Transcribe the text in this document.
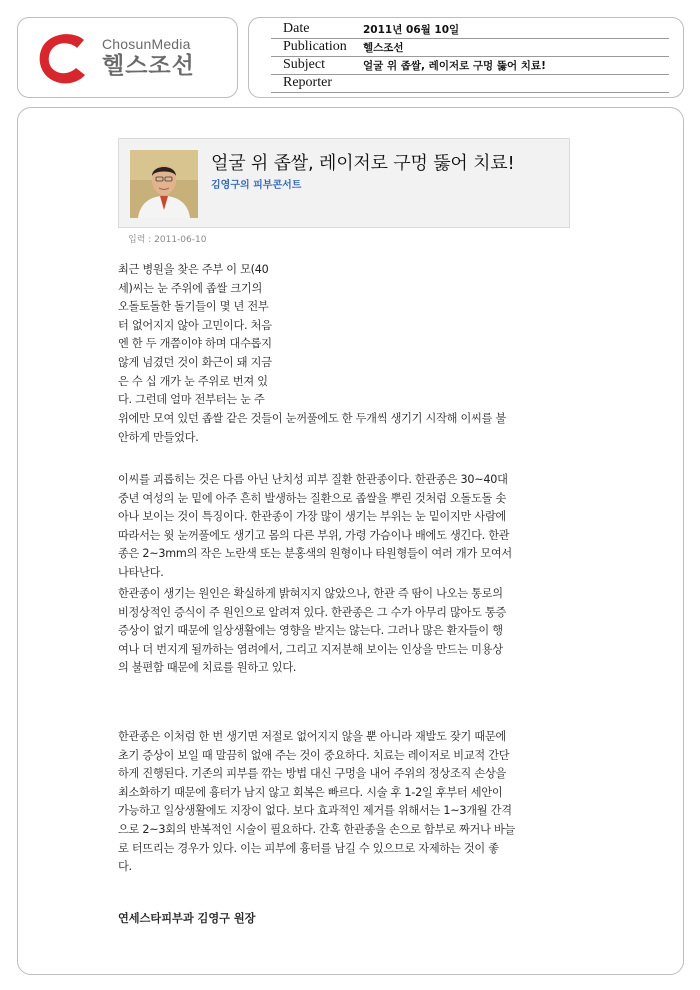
ChosunMedia
헬스조선
Date	2011년 06월 10일
Publication 헬스조선
Subject	얼굴 위 좁쌀, 레이저로 구멍 뚫어 치료!
Reporter
얼굴 위 좁쌀, 레이저로 구멍 뚫어 치료!
김영구의 피부콘서트
입력 : 2011-06-10
최근 병원을 찾은 주부 이 모(40
세)씨는 눈 주위에 좁쌀 크기의
오돌토돌한 돌기들이 몇 년 전부
터 없어지지 않아 고민이다. 처음
엔 한 두 개쯤이야 하며 대수롭지
않게 넘겼던 것이 화근이 돼 지금
은 수 십 개가 눈 주위로 번져 있
다. 그런데 얼마 전부터는 눈 주
위에만 모여 있던 좁쌀 같은 것들이 눈꺼풀에도 한 두개씩 생기기 시작해 이씨를 불
안하게 만들었다.
이씨를 괴롭히는 것은 다름 아닌 난치성 피부 질환 한관종이다. 한관종은 30~40대
중년 여성의 눈 밑에 아주 흔히 발생하는 질환으로 좁쌀을 뿌린 것처럼 오돌도돌 솟
아나 보이는 것이 특징이다. 한관종이 가장 많이 생기는 부위는 눈 밑이지만 사람에
따라서는 윗 눈꺼풀에도 생기고 몸의 다른 부위, 가령 가슴이나 배에도 생긴다. 한관
종은 2~3mm의 작은 노란색 또는 분홍색의 원형이나 타원형들이 여러 개가 모여서
나타난다.
한관종이 생기는 원인은 확실하게 밝혀지지 않았으나, 한관 즉 땀이 나오는 통로의
비정상적인 증식이 주 원인으로 알려져 있다. 한관종은 그 수가 아무리 많아도 통증
증상이 없기 때문에 일상생활에는 영향을 받지는 않는다. 그러나 많은 환자들이 행
여나 더 번지게 될까하는 염려에서, 그리고 지저분해 보이는 인상을 만드는 미용상
의 불편함 때문에 치료를 원하고 있다.
한관종은 이처럼 한 번 생기면 저절로 없어지지 않을 뿐 아니라 재발도 잦기 때문에
초기 증상이 보일 때 말끔히 없애 주는 것이 중요하다. 치료는 레이저로 비교적 간단
하게 진행된다. 기존의 피부를 깎는 방법 대신 구멍을 내어 주위의 정상조직 손상을
최소화하기 때문에 흉터가 남지 않고 회복은 빠르다. 시술 후 1-2일 후부터 세안이
가능하고 일상생활에도 지장이 없다. 보다 효과적인 제거를 위해서는 1~3개월 간격
으로 2~3회의 반복적인 시술이 필요하다. 간혹 한관종을 손으로 함부로 짜거나 바늘
로 터뜨리는 경우가 있다. 이는 피부에 흉터를 남길 수 있으므로 자제하는 것이 좋
다.
연세스타피부과 김영구 원장
